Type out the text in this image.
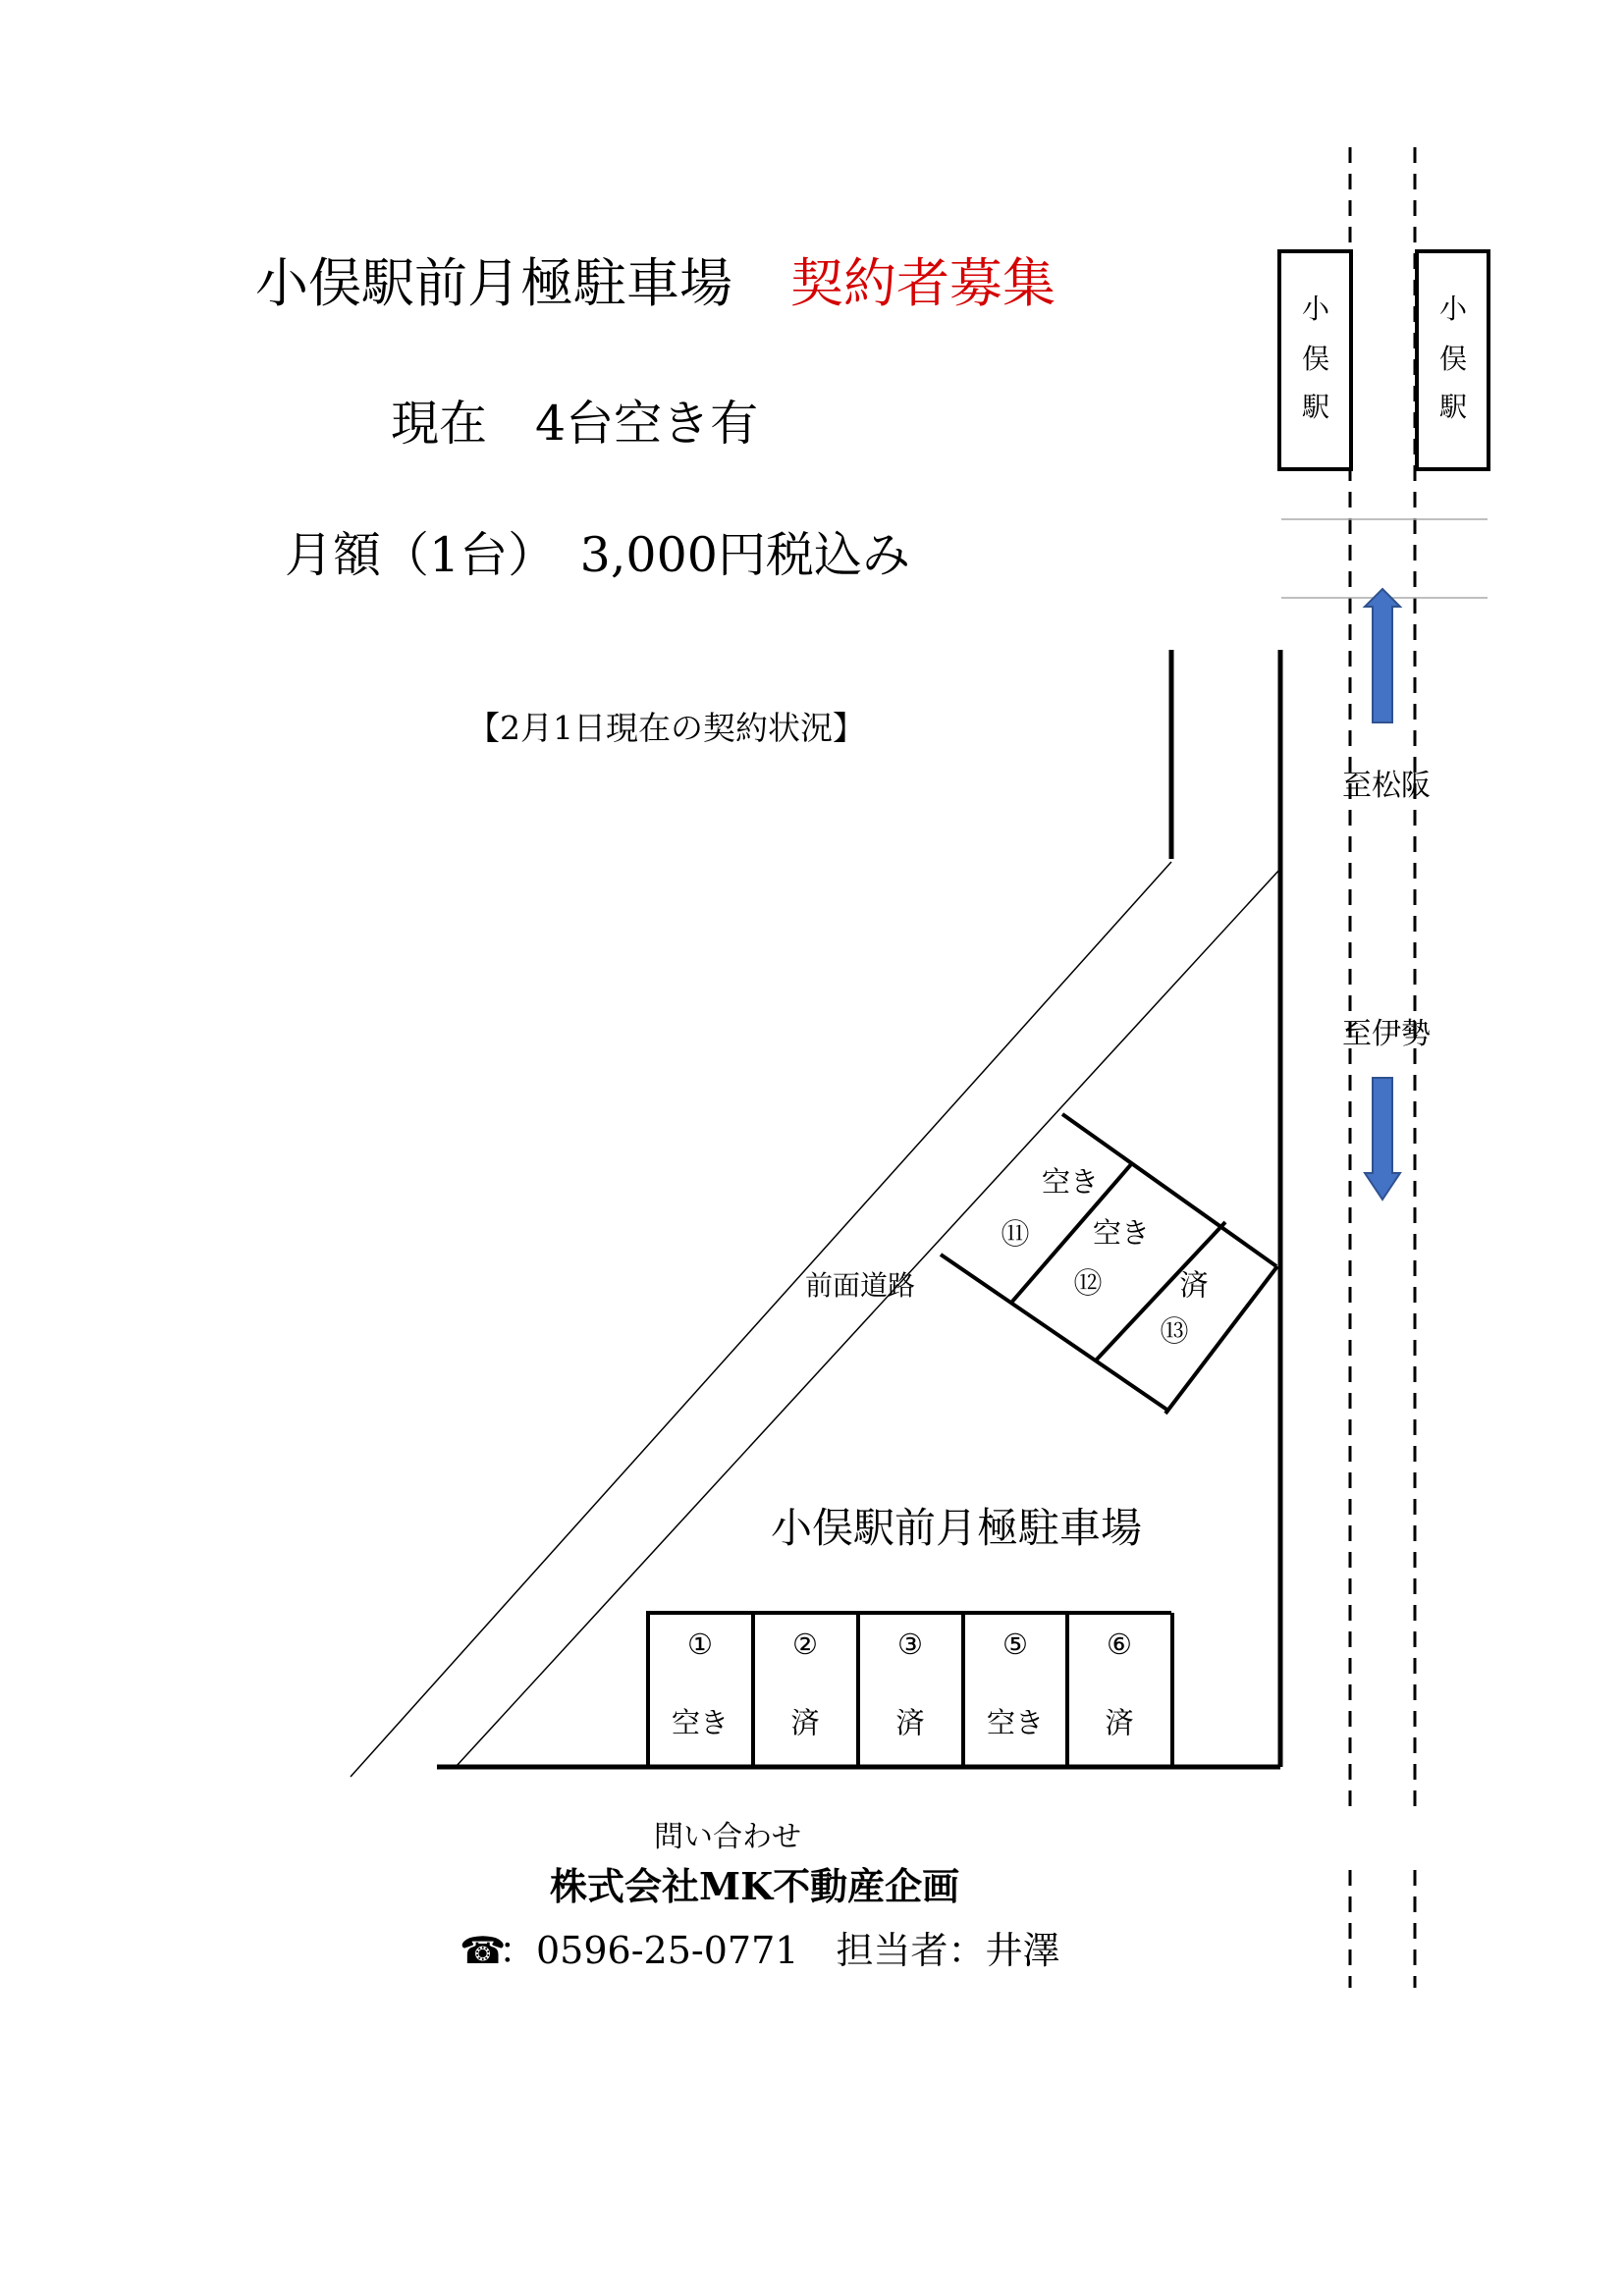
小俣駅前月極駐車場 契約者募集
現在　4台空き有
月額（1台）　3,000円税込み
【2月1日現在の契約状況】
小
俣
駅
小
俣
駅
至松阪
至伊勢
前面道路
空き
⑪ 空き
⑫	済
⑬
①
空き
②
済
③
済
⑤
空き
⑥
済
小俣駅前月極駐車場
問い合わせ
株式会社MK不動産企画
☎：0596-25-0771　担当者：井澤
